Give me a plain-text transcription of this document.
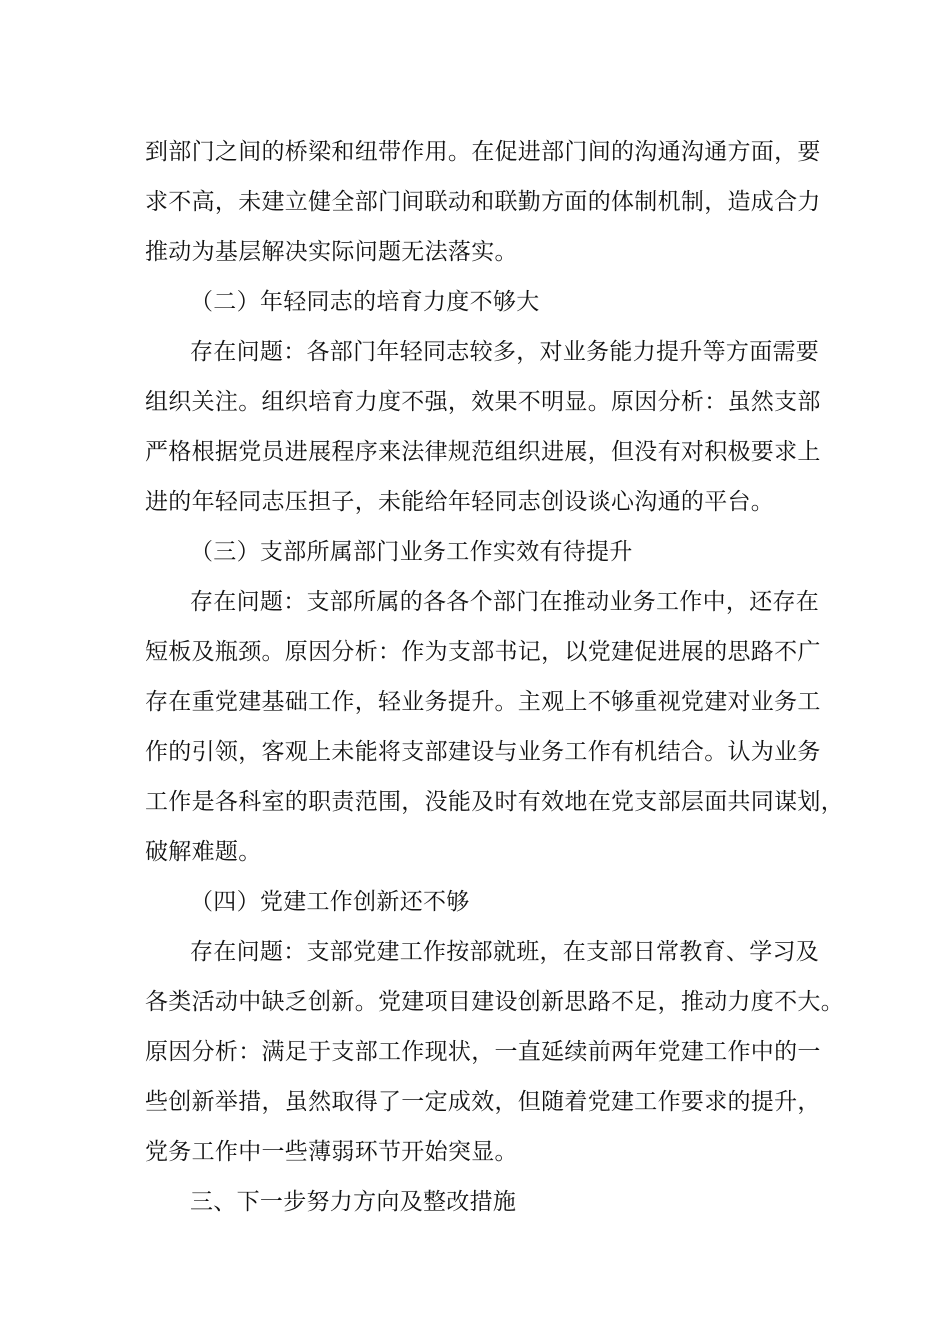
到部门之间的桥梁和纽带作用。在促进部门间的沟通沟通方面，要
求不高，未建立健全部门间联动和联勤方面的体制机制，造成合力
推动为基层解决实际问题无法落实。
（二）年轻同志的培育力度不够大
存在问题：各部门年轻同志较多，对业务能力提升等方面需要
组织关注。组织培育力度不强，效果不明显。原因分析：虽然支部
严格根据党员进展程序来法律规范组织进展，但没有对积极要求上
进的年轻同志压担子，未能给年轻同志创设谈心沟通的平台。
（三）支部所属部门业务工作实效有待提升
存在问题：支部所属的各各个部门在推动业务工作中，还存在
短板及瓶颈。原因分析：作为支部书记，以党建促进展的思路不广
存在重党建基础工作，轻业务提升。主观上不够重视党建对业务工
作的引领，客观上未能将支部建设与业务工作有机结合。认为业务
工作是各科室的职责范围，没能及时有效地在党支部层面共同谋划，
破解难题。
（四）党建工作创新还不够
存在问题：支部党建工作按部就班，在支部日常教育、学习及
各类活动中缺乏创新。党建项目建设创新思路不足，推动力度不大。
原因分析：满足于支部工作现状，一直延续前两年党建工作中的一
些创新举措，虽然取得了一定成效，但随着党建工作要求的提升，
党务工作中一些薄弱环节开始突显。
三、下一步努力方向及整改措施
